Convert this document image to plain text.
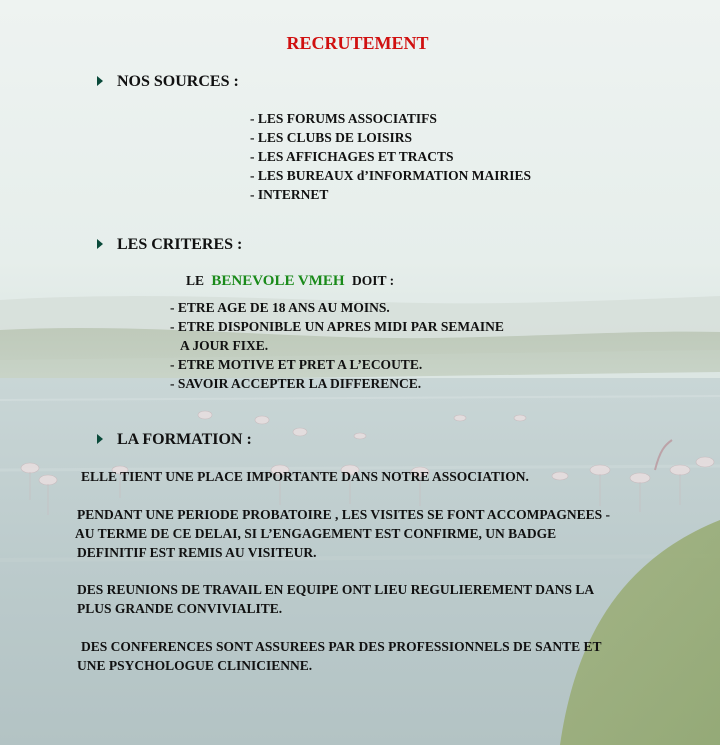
RECRUTEMENT
NOS SOURCES :
- LES FORUMS ASSOCIATIFS
- LES CLUBS DE LOISIRS
- LES AFFICHAGES ET TRACTS
- LES BUREAUX d’INFORMATION MAIRIES
- INTERNET
LES CRITERES :
LE BENEVOLE VMEH DOIT :
- ETRE AGE DE 18 ANS AU MOINS.
- ETRE DISPONIBLE UN APRES MIDI PAR SEMAINE
A JOUR FIXE.
- ETRE MOTIVE ET PRET A L’ECOUTE.
- SAVOIR ACCEPTER LA DIFFERENCE.
LA FORMATION :
ELLE TIENT UNE PLACE IMPORTANTE DANS NOTRE ASSOCIATION.
PENDANT UNE PERIODE PROBATOIRE , LES VISITES SE FONT ACCOMPAGNEES -
AU TERME DE CE DELAI, SI L’ENGAGEMENT EST CONFIRME, UN BADGE
DEFINITIF EST REMIS AU VISITEUR.
DES REUNIONS DE TRAVAIL EN EQUIPE ONT LIEU REGULIEREMENT DANS LA
PLUS GRANDE CONVIVIALITE.
DES CONFERENCES SONT ASSUREES PAR DES PROFESSIONNELS DE SANTE ET
UNE PSYCHOLOGUE CLINICIENNE.
